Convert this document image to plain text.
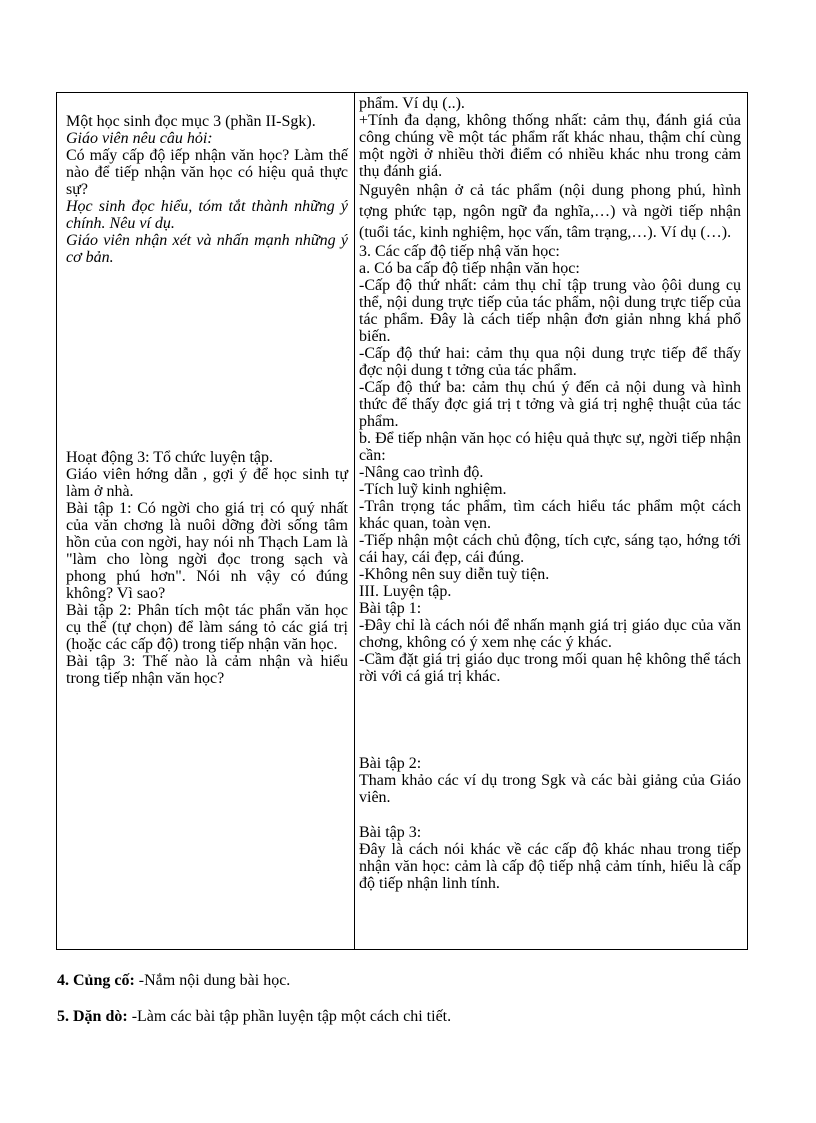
Một học sinh đọc mục 3 (phần II-Sgk).

Giáo viên nêu câu hỏi:

Có mấy cấp độ iếp nhận văn học? Làm thế nào để tiếp nhận văn học có hiệu quả thực sự?

Học sinh đọc hiểu, tóm tắt thành những ý chính. Nêu ví dụ.

Giáo viên nhận xét và nhấn mạnh những ý cơ bản.

Hoạt động 3: Tổ chức luyện tập.

Giáo viên hớng dẫn , gợi ý để học sinh tự làm ở nhà.

Bài tập 1: Có ngời cho giá trị có quý nhất của văn chơng là nuôi dỡng đời sống tâm hồn của con ngời, hay nói nh Thạch Lam là "làm cho lòng ngời đọc trong sạch và phong phú hơn". Nói nh vậy có đúng không? Vì sao?

Bài tập 2: Phân tích một tác phẩn văn học cụ thể (tự chọn) để làm sáng tỏ các giá trị (hoặc các cấp độ) trong tiếp nhận văn học.

Bài tập 3: Thế nào là cảm nhận và hiểu trong tiếp nhận văn học?

phẩm. Ví dụ (..).

+Tính đa dạng, không thống nhất: cảm thụ, đánh giá của công chúng về một tác phẩm rất khác nhau, thậm chí cùng một ngời ở nhiều thời điểm có nhiều khác nhu trong cảm thụ đánh giá.

Nguyên nhận ở cả tác phẩm (nội dung phong phú, hình tợng phức tạp, ngôn ngữ đa nghĩa,…) và ngời tiếp nhận (tuổi tác, kinh nghiệm, học vấn, tâm trạng,…). Ví dụ (…).

3. Các cấp độ tiếp nhậ văn học:

a. Có ba cấp độ tiếp nhận văn học:

-Cấp độ thứ nhất: cảm thụ chỉ tập trung vào ộôi dung cụ thể, nội dung trực tiếp của tác phẩm, nội dung trực tiếp của tác phẩm. Đây là cách tiếp nhận đơn giản nhng khá phổ biến.

-Cấp độ thứ hai: cảm thụ qua nội dung trực tiếp để thấy đợc nội dung t tởng của tác phẩm.

-Cấp độ thứ ba: cảm thụ chú ý đến cả nội dung và hình thức để thấy đợc giá trị t tởng và giá trị nghệ thuật của tác phẩm.

b. Để tiếp nhận văn học có hiệu quả thực sự, ngời tiếp nhận cần:

-Nâng cao trình độ.

-Tích luỹ kinh nghiệm.

-Trân trọng tác phẩm, tìm cách hiểu tác phẩm một cách khác quan, toàn vẹn.

-Tiếp nhận một cách chủ động, tích cực, sáng tạo, hớng tới cái hay, cái đẹp, cái đúng.

-Không nên suy diễn tuỳ tiện.

III. Luyện tập.

Bài tập 1:

-Đây chỉ là cách nói để nhấn mạnh giá trị giáo dục của văn chơng, không có ý xem nhẹ các ý khác.

-Cầm đặt giá trị giáo dục trong mối quan hệ không thể tách rời với cá giá trị khác.

Bài tập 2:

Tham khảo các ví dụ trong Sgk và các bài giảng của Giáo viên.

Bài tập 3:

Đây là cách nói khác về các cấp độ khác nhau trong tiếp nhận văn học: cảm là cấp độ tiếp nhậ cảm tính, hiểu là cấp độ tiếp nhận linh tính.

4. Củng cố: -Nắm nội dung bài học.
5. Dặn dò: -Làm các bài tập phần luyện tập một cách chi tiết.
